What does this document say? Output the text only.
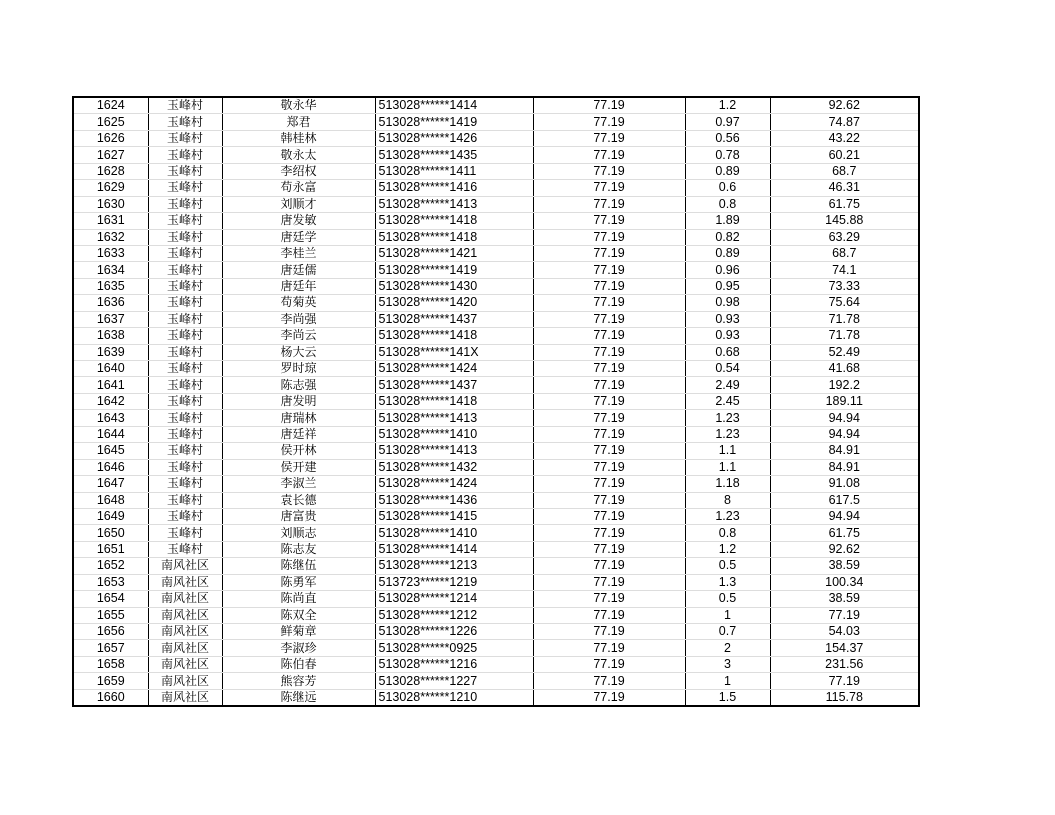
1624	玉峰村	敬永华	513028******1414	77.19	1.2	92.62
1625	玉峰村	郑君	513028******1419	77.19	0.97	74.87
1626	玉峰村	韩桂林	513028******1426	77.19	0.56	43.22
1627	玉峰村	敬永太	513028******1435	77.19	0.78	60.21
1628	玉峰村	李绍权	513028******1411	77.19	0.89	68.7
1629	玉峰村	苟永富	513028******1416	77.19	0.6	46.31
1630	玉峰村	刘顺才	513028******1413	77.19	0.8	61.75
1631	玉峰村	唐发敏	513028******1418	77.19	1.89	145.88
1632	玉峰村	唐廷学	513028******1418	77.19	0.82	63.29
1633	玉峰村	李桂兰	513028******1421	77.19	0.89	68.7
1634	玉峰村	唐廷儒	513028******1419	77.19	0.96	74.1
1635	玉峰村	唐廷年	513028******1430	77.19	0.95	73.33
1636	玉峰村	苟菊英	513028******1420	77.19	0.98	75.64
1637	玉峰村	李尚强	513028******1437	77.19	0.93	71.78
1638	玉峰村	李尚云	513028******1418	77.19	0.93	71.78
1639	玉峰村	杨大云	513028******141X	77.19	0.68	52.49
1640	玉峰村	罗时琼	513028******1424	77.19	0.54	41.68
1641	玉峰村	陈志强	513028******1437	77.19	2.49	192.2
1642	玉峰村	唐发明	513028******1418	77.19	2.45	189.11
1643	玉峰村	唐瑞林	513028******1413	77.19	1.23	94.94
1644	玉峰村	唐廷祥	513028******1410	77.19	1.23	94.94
1645	玉峰村	侯开林	513028******1413	77.19	1.1	84.91
1646	玉峰村	侯开建	513028******1432	77.19	1.1	84.91
1647	玉峰村	李淑兰	513028******1424	77.19	1.18	91.08
1648	玉峰村	袁长德	513028******1436	77.19	8	617.5
1649	玉峰村	唐富贵	513028******1415	77.19	1.23	94.94
1650	玉峰村	刘顺志	513028******1410	77.19	0.8	61.75
1651	玉峰村	陈志友	513028******1414	77.19	1.2	92.62
1652	南风社区	陈继伍	513028******1213	77.19	0.5	38.59
1653	南风社区	陈勇军	513723******1219	77.19	1.3	100.34
1654	南风社区	陈尚直	513028******1214	77.19	0.5	38.59
1655	南风社区	陈双全	513028******1212	77.19	1	77.19
1656	南风社区	鲜菊章	513028******1226	77.19	0.7	54.03
1657	南风社区	李淑珍	513028******0925	77.19	2	154.37
1658	南风社区	陈伯春	513028******1216	77.19	3	231.56
1659	南风社区	熊容芳	513028******1227	77.19	1	77.19
1660	南风社区	陈继远	513028******1210	77.19	1.5	115.78
